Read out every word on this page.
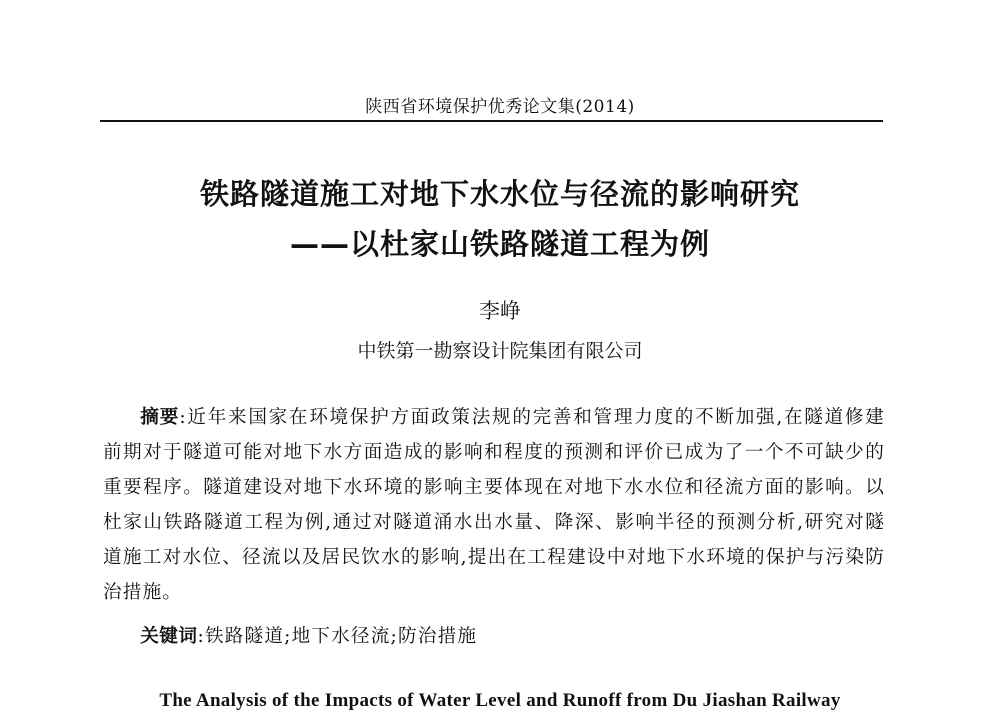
陕西省环境保护优秀论文集(2014)
铁路隧道施工对地下水水位与径流的影响研究
——以杜家山铁路隧道工程为例
李峥
中铁第一勘察设计院集团有限公司
摘要:近年来国家在环境保护方面政策法规的完善和管理力度的不断加强,在隧道修建前期对于隧道可能对地下水方面造成的影响和程度的预测和评价已成为了一个不可缺少的重要程序。隧道建设对地下水环境的影响主要体现在对地下水水位和径流方面的影响。以杜家山铁路隧道工程为例,通过对隧道涌水出水量、降深、影响半径的预测分析,研究对隧道施工对水位、径流以及居民饮水的影响,提出在工程建设中对地下水环境的保护与污染防治措施。
关键词:铁路隧道;地下水径流;防治措施
The Analysis of the Impacts of Water Level and Runoff from Du Jiashan Railway
